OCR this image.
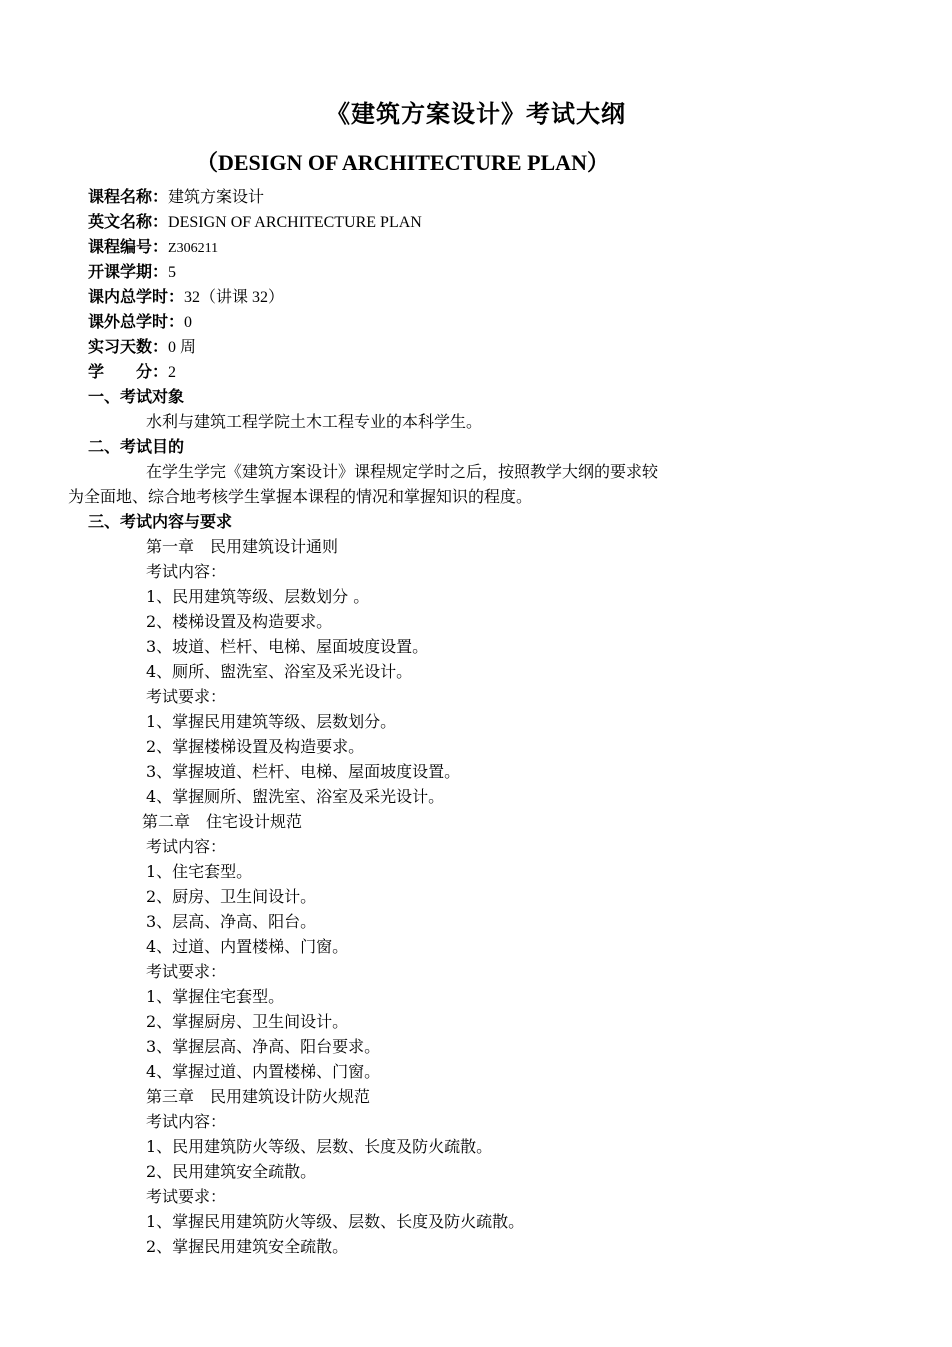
《建筑方案设计》考试大纲
（DESIGN OF ARCHITECTURE PLAN）
课程名称：建筑方案设计
英文名称：DESIGN OF ARCHITECTURE PLAN
课程编号：Z306211
开课学期：5
课内总学时：32（讲课 32）
课外总学时：0
实习天数：0 周
学　　分：2
一、考试对象
水利与建筑工程学院土木工程专业的本科学生。
二、考试目的
在学生学完《建筑方案设计》课程规定学时之后，按照教学大纲的要求较
为全面地、综合地考核学生掌握本课程的情况和掌握知识的程度。
三、考试内容与要求
第一章　民用建筑设计通则
考试内容：
1、民用建筑等级、层数划分 。
2、楼梯设置及构造要求。
3、坡道、栏杆、电梯、屋面坡度设置。
4、厕所、盥洗室、浴室及采光设计。
考试要求：
1、掌握民用建筑等级、层数划分。
2、掌握楼梯设置及构造要求。
3、掌握坡道、栏杆、电梯、屋面坡度设置。
4、掌握厕所、盥洗室、浴室及采光设计。
第二章　住宅设计规范
考试内容：
1、住宅套型。
2、厨房、卫生间设计。
3、层高、净高、阳台。
4、过道、内置楼梯、门窗。
考试要求：
1、掌握住宅套型。
2、掌握厨房、卫生间设计。
3、掌握层高、净高、阳台要求。
4、掌握过道、内置楼梯、门窗。
第三章　民用建筑设计防火规范
考试内容：
1、民用建筑防火等级、层数、长度及防火疏散。
2、民用建筑安全疏散。
考试要求：
1、掌握民用建筑防火等级、层数、长度及防火疏散。
2、掌握民用建筑安全疏散。
